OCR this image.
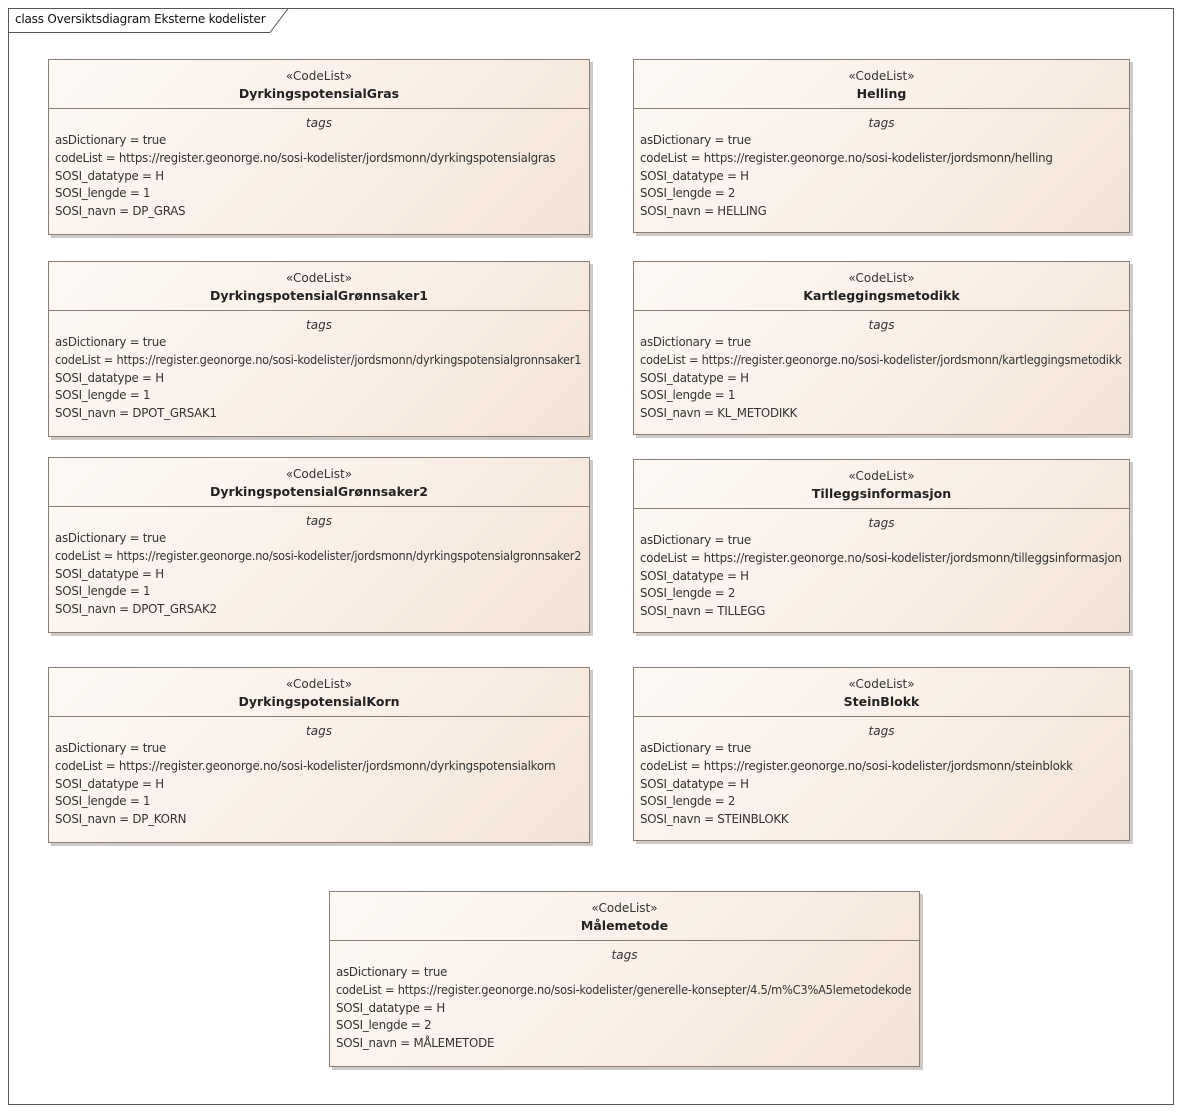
class Oversiktsdiagram Eksterne kodelister
«CodeList»
DyrkingspotensialGras
tags
asDictionary = true
codeList = https://register.geonorge.no/sosi-kodelister/jordsmonn/dyrkingspotensialgras
SOSI_datatype = H
SOSI_lengde = 1
SOSI_navn = DP_GRAS
«CodeList»
Helling
tags
asDictionary = true
codeList = https://register.geonorge.no/sosi-kodelister/jordsmonn/helling
SOSI_datatype = H
SOSI_lengde = 2
SOSI_navn = HELLING
«CodeList»
DyrkingspotensialGrønnsaker1
tags
asDictionary = true
codeList = https://register.geonorge.no/sosi-kodelister/jordsmonn/dyrkingspotensialgronnsaker1
SOSI_datatype = H
SOSI_lengde = 1
SOSI_navn = DPOT_GRSAK1
«CodeList»
Kartleggingsmetodikk
tags
asDictionary = true
codeList = https://register.geonorge.no/sosi-kodelister/jordsmonn/kartleggingsmetodikk
SOSI_datatype = H
SOSI_lengde = 1
SOSI_navn = KL_METODIKK
«CodeList»
DyrkingspotensialGrønnsaker2
tags
asDictionary = true
codeList = https://register.geonorge.no/sosi-kodelister/jordsmonn/dyrkingspotensialgronnsaker2
SOSI_datatype = H
SOSI_lengde = 1
SOSI_navn = DPOT_GRSAK2
«CodeList»
Tilleggsinformasjon
tags
asDictionary = true
codeList = https://register.geonorge.no/sosi-kodelister/jordsmonn/tilleggsinformasjon
SOSI_datatype = H
SOSI_lengde = 2
SOSI_navn = TILLEGG
«CodeList»
DyrkingspotensialKorn
tags
asDictionary = true
codeList = https://register.geonorge.no/sosi-kodelister/jordsmonn/dyrkingspotensialkorn
SOSI_datatype = H
SOSI_lengde = 1
SOSI_navn = DP_KORN
«CodeList»
SteinBlokk
tags
asDictionary = true
codeList = https://register.geonorge.no/sosi-kodelister/jordsmonn/steinblokk
SOSI_datatype = H
SOSI_lengde = 2
SOSI_navn = STEINBLOKK
«CodeList»
Målemetode
tags
asDictionary = true
codeList = https://register.geonorge.no/sosi-kodelister/generelle-konsepter/4.5/m%C3%A5lemetodekode
SOSI_datatype = H
SOSI_lengde = 2
SOSI_navn = MÅLEMETODE
